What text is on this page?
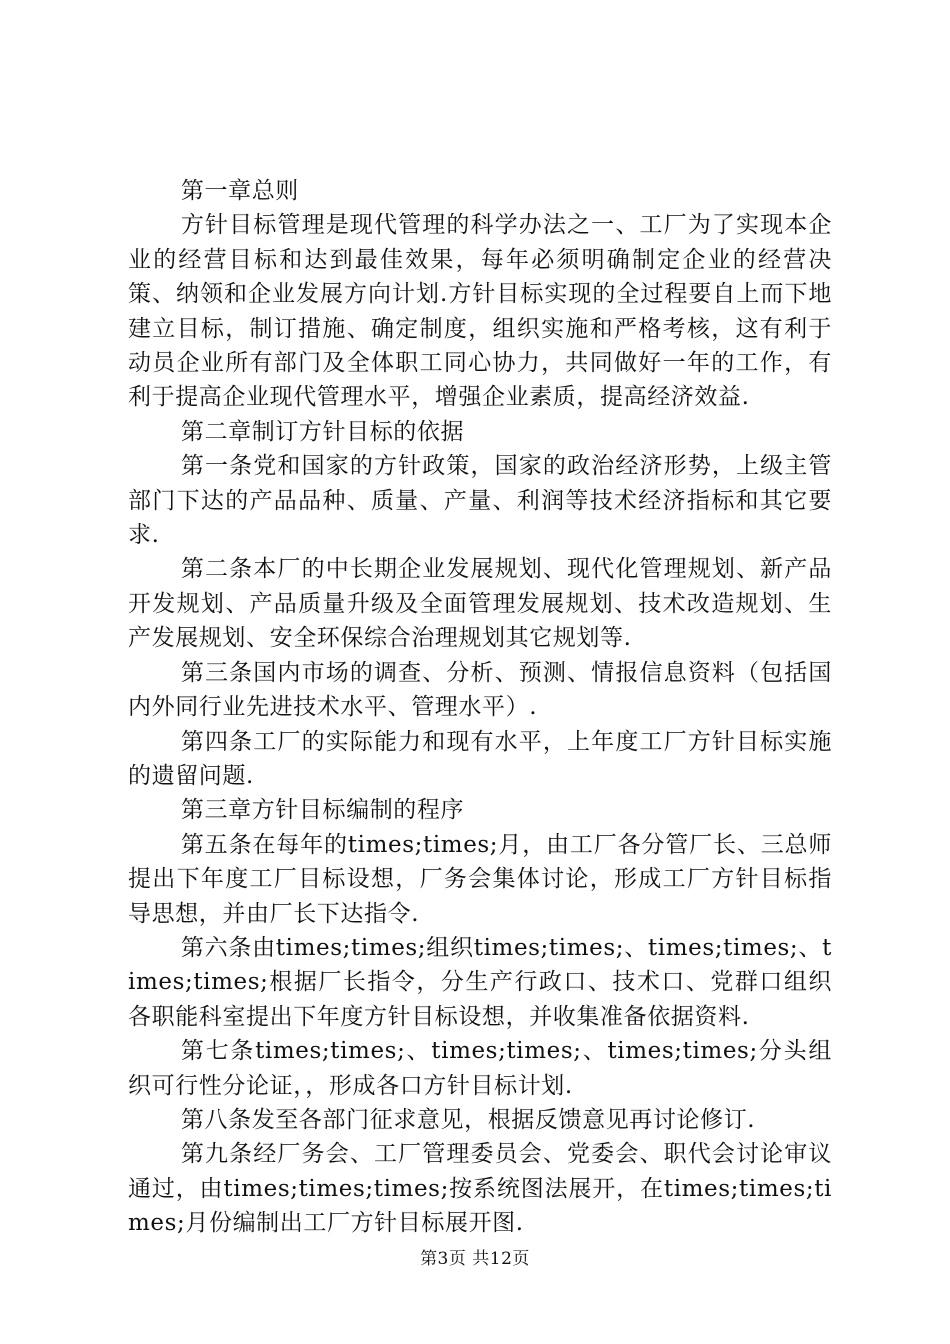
第一章总则

方针目标管理是现代管理的科学办法之一、工厂为了实现本企业的经营目标和达到最佳效果，每年必须明确制定企业的经营决策、纳领和企业发展方向计划.方针目标实现的全过程要自上而下地建立目标，制订措施、确定制度，组织实施和严格考核，这有利于动员企业所有部门及全体职工同心协力，共同做好一年的工作，有利于提高企业现代管理水平，增强企业素质，提高经济效益.

第二章制订方针目标的依据

第一条党和国家的方针政策，国家的政治经济形势，上级主管部门下达的产品品种、质量、产量、利润等技术经济指标和其它要求.

第二条本厂的中长期企业发展规划、现代化管理规划、新产品开发规划、产品质量升级及全面管理发展规划、技术改造规划、生产发展规划、安全环保综合治理规划其它规划等.

第三条国内市场的调查、分析、预测、情报信息资料（包括国内外同行业先进技术水平、管理水平）.

第四条工厂的实际能力和现有水平，上年度工厂方针目标实施的遗留问题.

第三章方针目标编制的程序

第五条在每年的times;times;月，由工厂各分管厂长、三总师提出下年度工厂目标设想，厂务会集体讨论，形成工厂方针目标指导思想，并由厂长下达指令.

第六条由times;times;组织times;times;、times;times;、times;times;根据厂长指令，分生产行政口、技术口、党群口组织各职能科室提出下年度方针目标设想，并收集准备依据资料.

第七条times;times;、times;times;、times;times;分头组织可行性分论证，，形成各口方针目标计划.

第八条发至各部门征求意见，根据反馈意见再讨论修订.

第九条经厂务会、工厂管理委员会、党委会、职代会讨论审议通过，由times;times;times;按系统图法展开，在times;times;times;月份编制出工厂方针目标展开图.

第3页 共12页
